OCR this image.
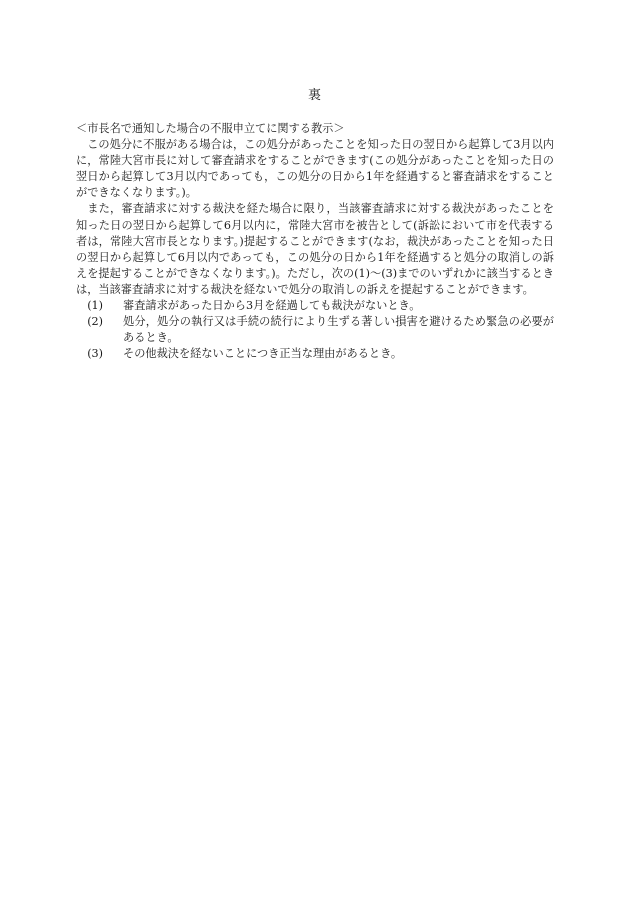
裏

＜市長名で通知した場合の不服申立てに関する教示＞

この処分に不服がある場合は，この処分があったことを知った日の翌日から起算して3月以内に，常陸大宮市長に対して審査請求をすることができます(この処分があったことを知った日の翌日から起算して3月以内であっても，この処分の日から1年を経過すると審査請求をすることができなくなります。)。

また，審査請求に対する裁決を経た場合に限り，当該審査請求に対する裁決があったことを知った日の翌日から起算して6月以内に，常陸大宮市を被告として(訴訟において市を代表する者は，常陸大宮市長となります。)提起することができます(なお，裁決があったことを知った日の翌日から起算して6月以内であっても，この処分の日から1年を経過すると処分の取消しの訴えを提起することができなくなります。)。ただし，次の(1)～(3)までのいずれかに該当するときは，当該審査請求に対する裁決を経ないで処分の取消しの訴えを提起することができます。

(1)	審査請求があった日から3月を経過しても裁決がないとき。
(2)	処分，処分の執行又は手続の続行により生ずる著しい損害を避けるため緊急の必要があるとき。
(3)	その他裁決を経ないことにつき正当な理由があるとき。
